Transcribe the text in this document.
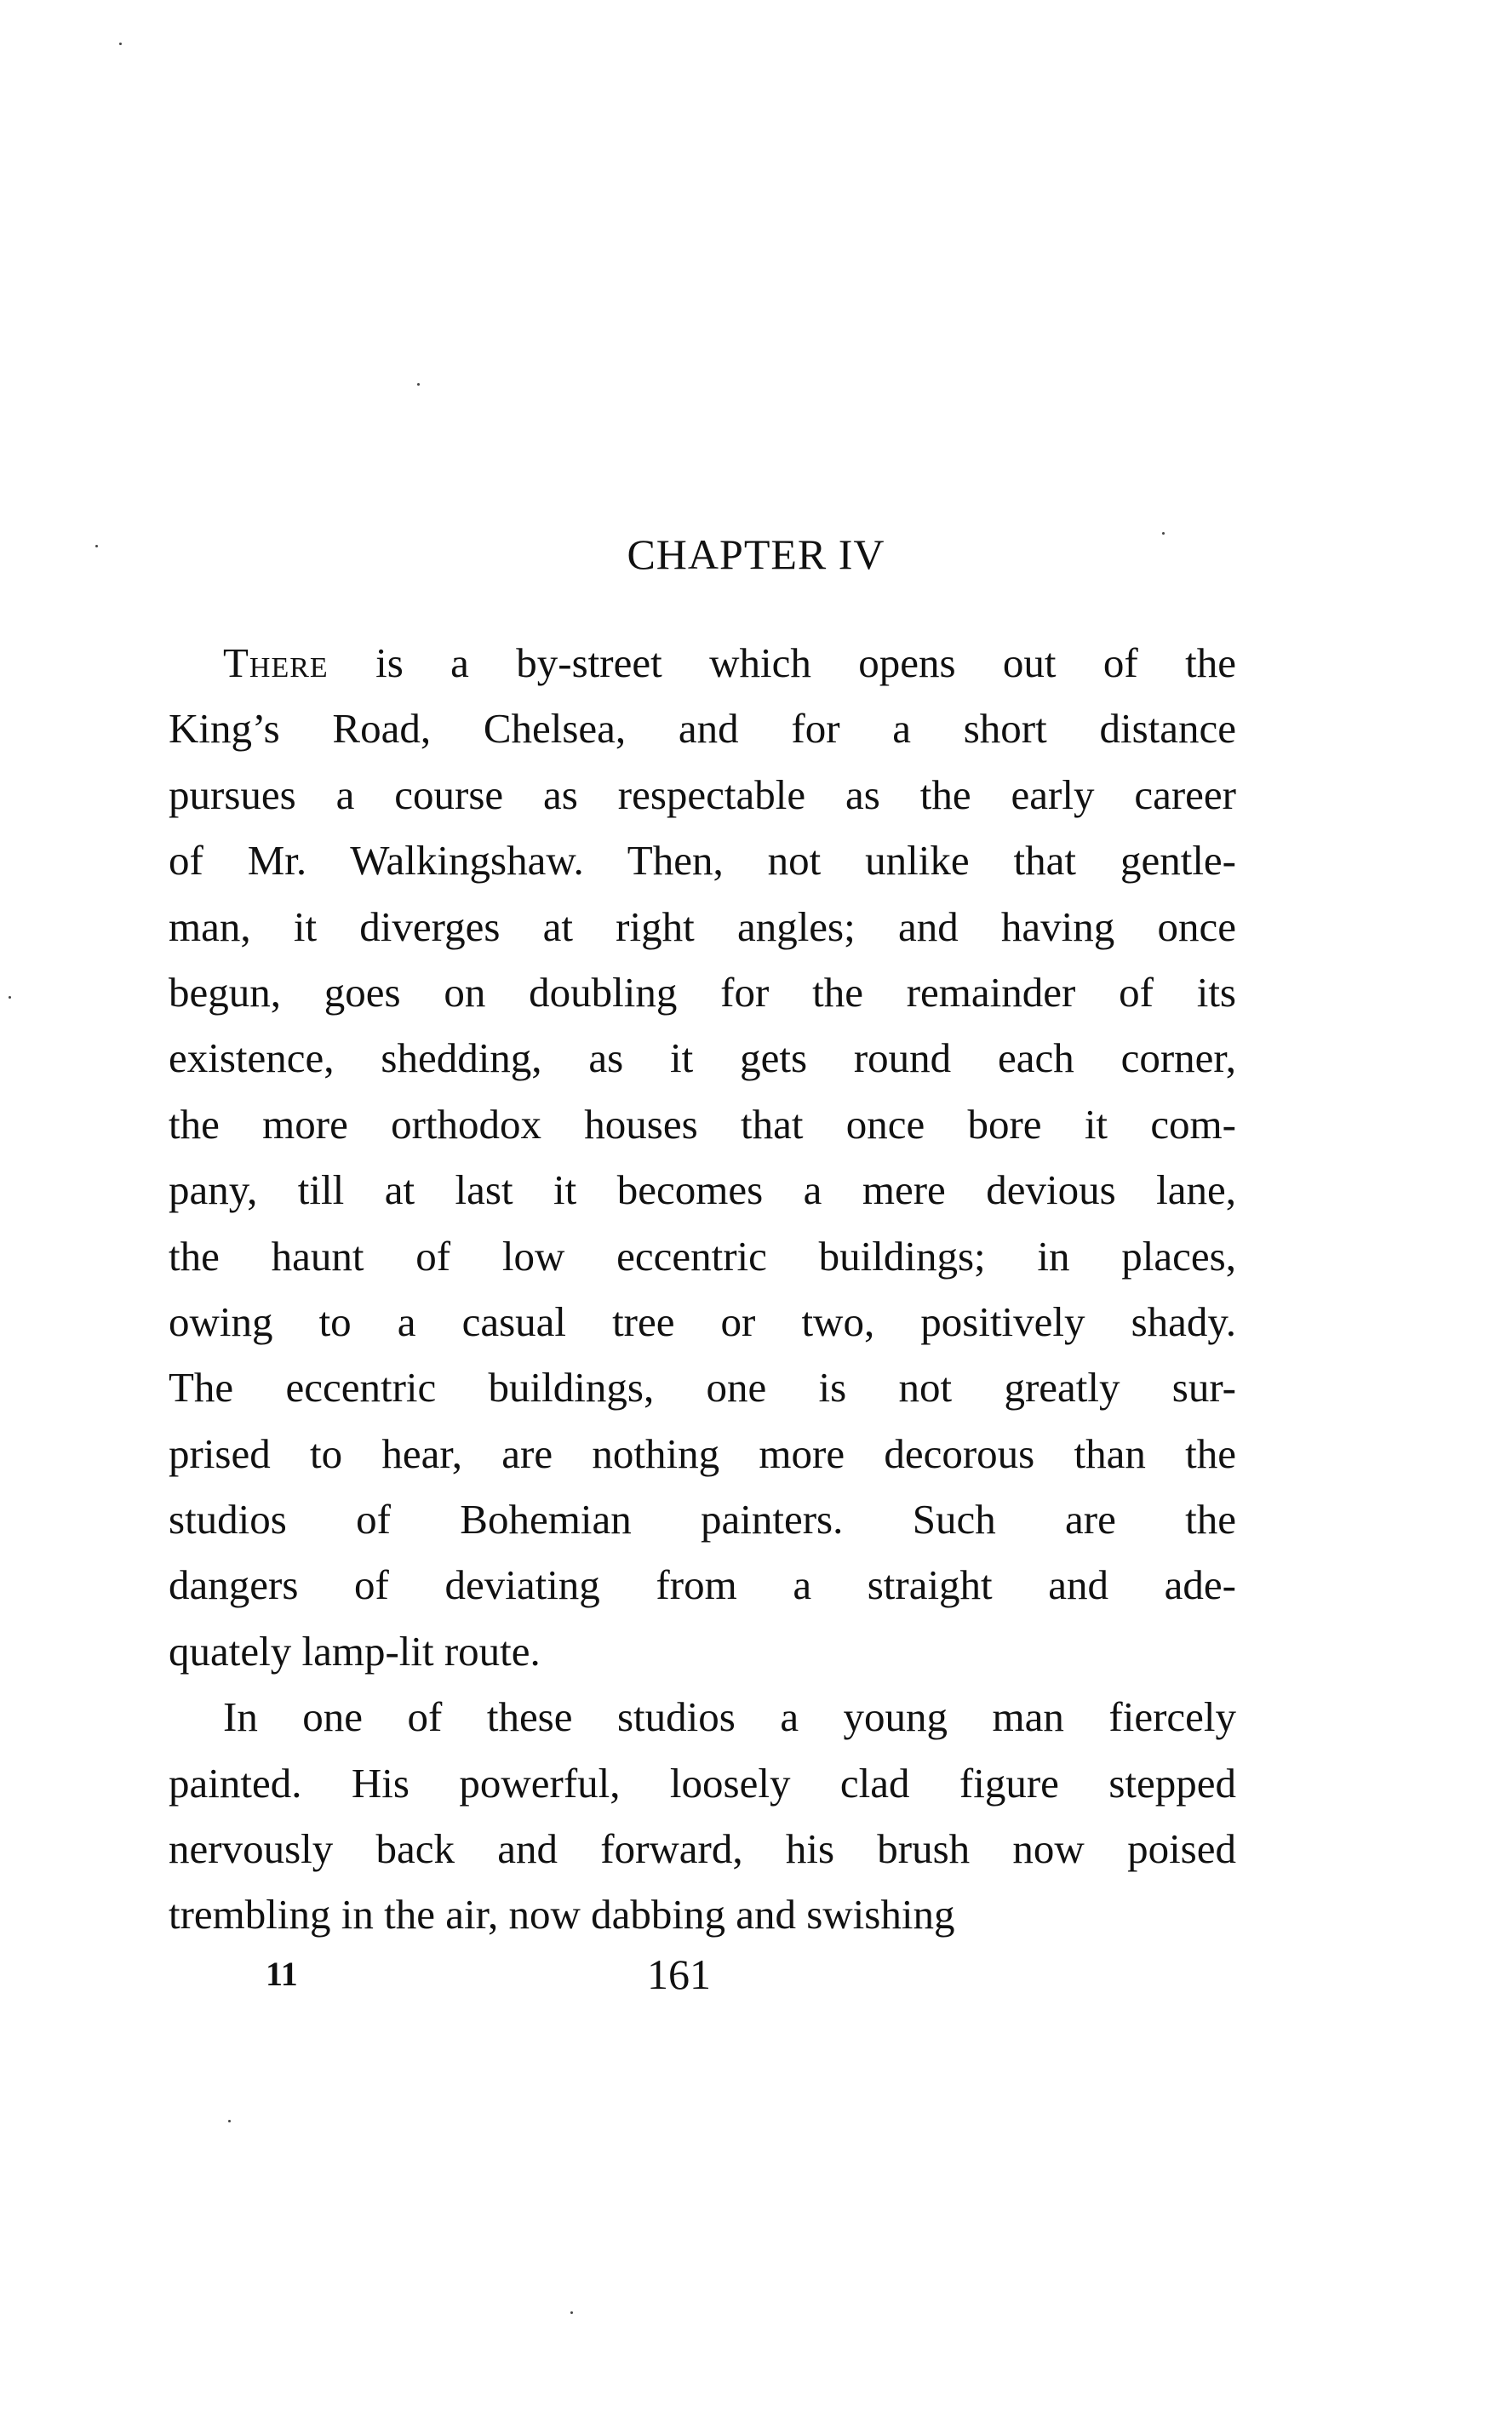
CHAPTER IV
There is a by-street which opens out of the
King’s Road, Chelsea, and for a short distance
pursues a course as respectable as the early career
of Mr. Walkingshaw. Then, not unlike that gentle-
man, it diverges at right angles; and having once
begun, goes on doubling for the remainder of its
existence, shedding, as it gets round each corner,
the more orthodox houses that once bore it com-
pany, till at last it becomes a mere devious lane,
the haunt of low eccentric buildings; in places,
owing to a casual tree or two, positively shady.
The eccentric buildings, one is not greatly sur-
prised to hear, are nothing more decorous than the
studios of Bohemian painters. Such are the
dangers of deviating from a straight and ade-
quately lamp-lit route.
In one of these studios a young man fiercely
painted. His powerful, loosely clad figure stepped
nervously back and forward, his brush now poised
trembling in the air, now dabbing and swishing
11	161
